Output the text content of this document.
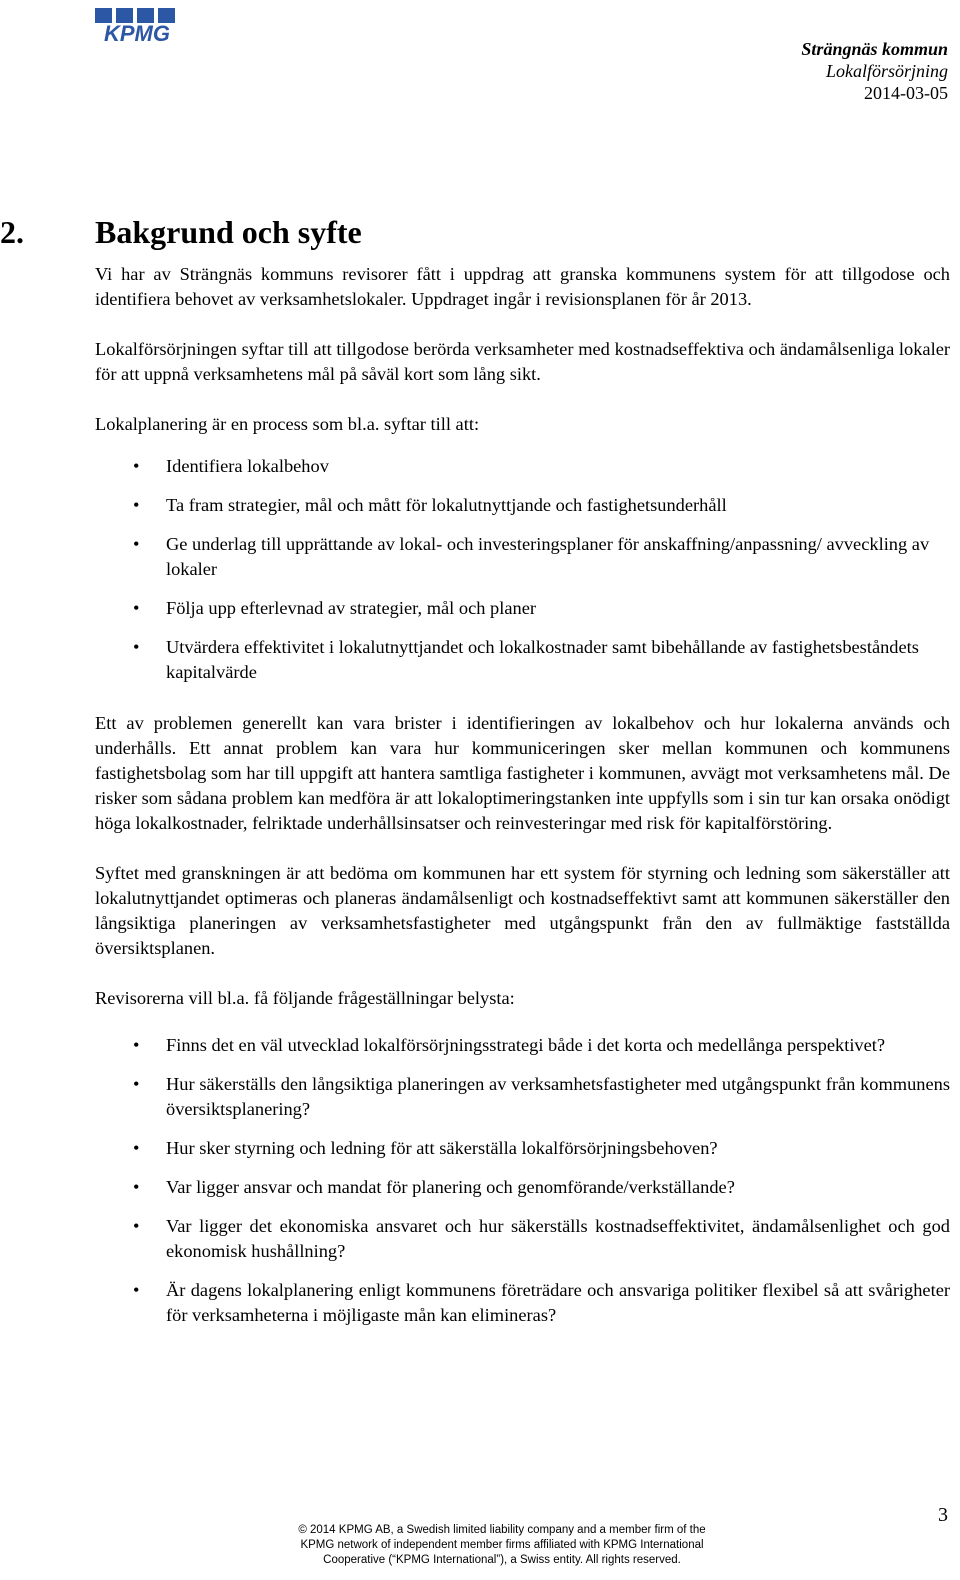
KPMG
Strängnäs kommun
Lokalförsörjning
2014-03-05
2. Bakgrund och syfte

Vi har av Strängnäs kommuns revisorer fått i uppdrag att granska kommunens system för att tillgodose och identifiera behovet av verksamhetslokaler. Uppdraget ingår i revisionsplanen för år 2013.

Lokalförsörjningen syftar till att tillgodose berörda verksamheter med kostnadseffektiva och ändamålsenliga lokaler för att uppnå verksamhetens mål på såväl kort som lång sikt.

Lokalplanering är en process som bl.a. syftar till att:

• Identifiera lokalbehov
• Ta fram strategier, mål och mått för lokalutnyttjande och fastighetsunderhåll
• Ge underlag till upprättande av lokal- och investeringsplaner för anskaffning/anpassning/ avveckling av lokaler
• Följa upp efterlevnad av strategier, mål och planer
• Utvärdera effektivitet i lokalutnyttjandet och lokalkostnader samt bibehållande av fastighetsbeståndets kapitalvärde

Ett av problemen generellt kan vara brister i identifieringen av lokalbehov och hur lokalerna används och underhålls. Ett annat problem kan vara hur kommuniceringen sker mellan kommunen och kommunens fastighetsbolag som har till uppgift att hantera samtliga fastigheter i kommunen, avvägt mot verksamhetens mål. De risker som sådana problem kan medföra är att lokaloptimeringstanken inte uppfylls som i sin tur kan orsaka onödigt höga lokalkostnader, felriktade underhållsinsatser och reinvesteringar med risk för kapitalförstöring.

Syftet med granskningen är att bedöma om kommunen har ett system för styrning och ledning som säkerställer att lokalutnyttjandet optimeras och planeras ändamålsenligt och kostnadseffektivt samt att kommunen säkerställer den långsiktiga planeringen av verksamhetsfastigheter med utgångspunkt från den av fullmäktige fastställda översiktsplanen.

Revisorerna vill bl.a. få följande frågeställningar belysta:

• Finns det en väl utvecklad lokalförsörjningsstrategi både i det korta och medellånga perspektivet?
• Hur säkerställs den långsiktiga planeringen av verksamhetsfastigheter med utgångspunkt från kommunens översiktsplanering?
• Hur sker styrning och ledning för att säkerställa lokalförsörjningsbehoven?
• Var ligger ansvar och mandat för planering och genomförande/verkställande?
• Var ligger det ekonomiska ansvaret och hur säkerställs kostnadseffektivitet, ändamålsenlighet och god ekonomisk hushållning?
• Är dagens lokalplanering enligt kommunens företrädare och ansvariga politiker flexibel så att svårigheter för verksamheterna i möjligaste mån kan elimineras?
3
© 2014 KPMG AB, a Swedish limited liability company and a member firm of the
KPMG network of independent member firms affiliated with KPMG International
Cooperative (“KPMG International”), a Swiss entity. All rights reserved.
